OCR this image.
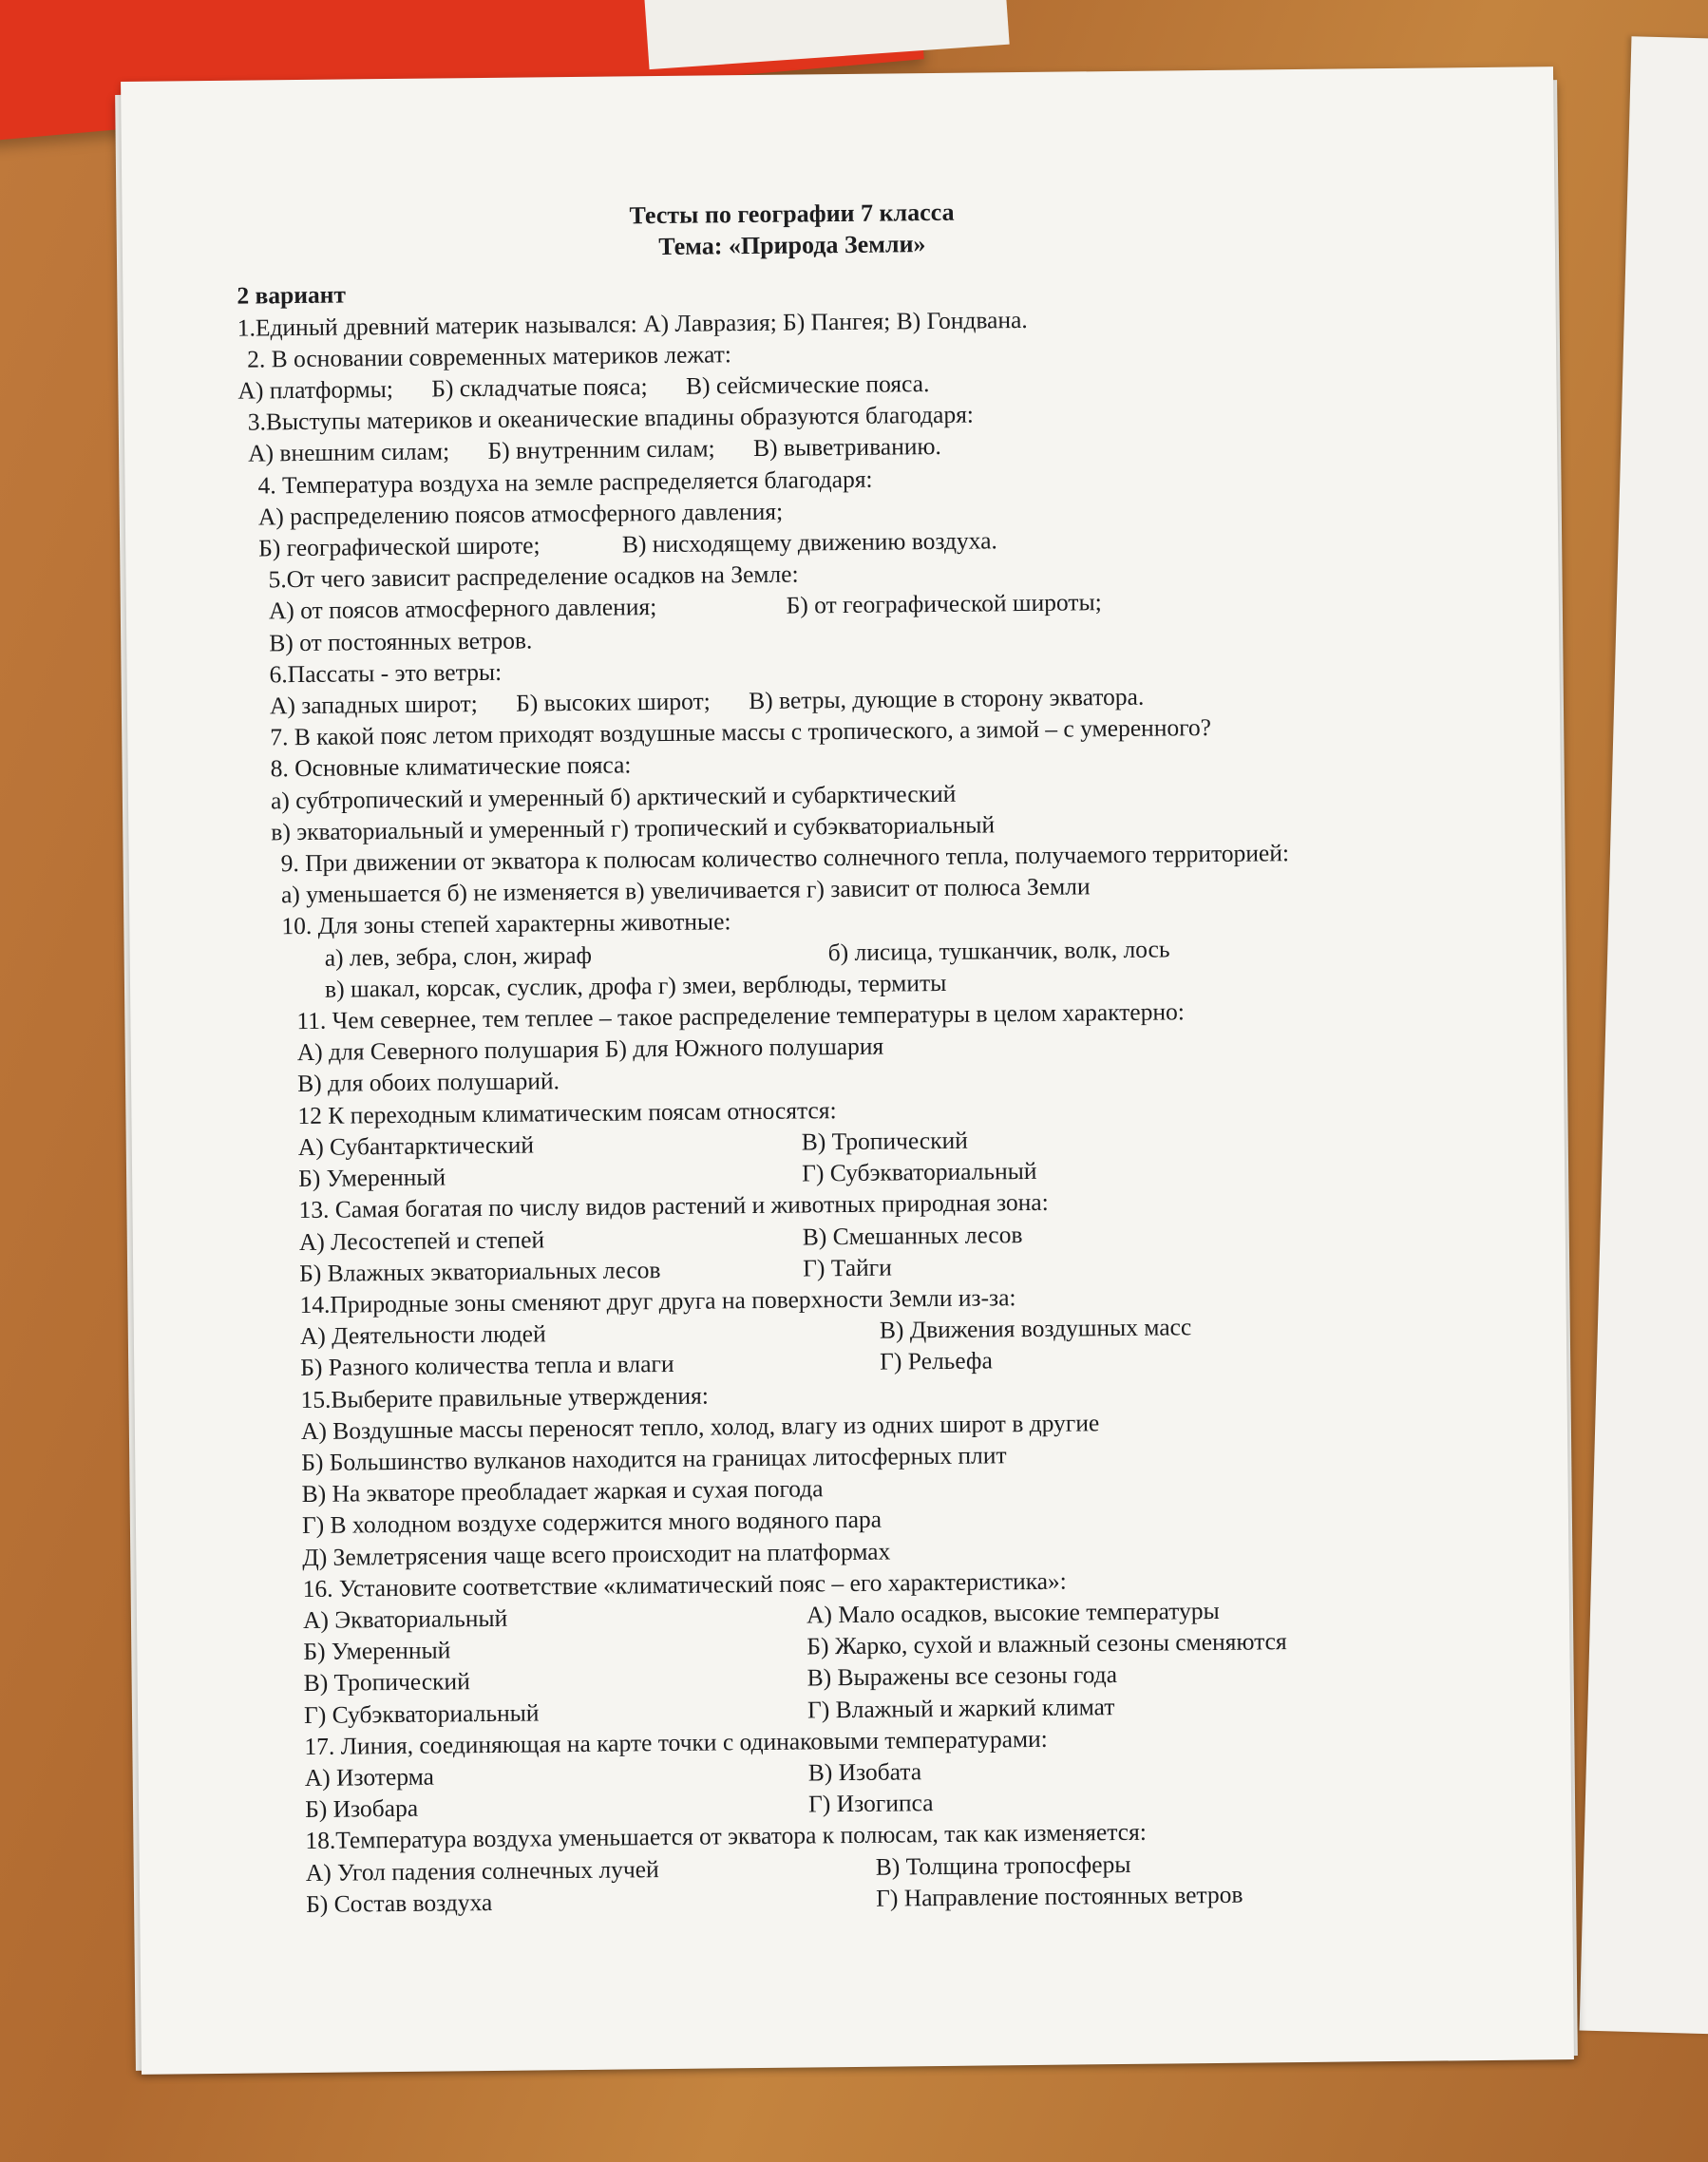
Тесты по географии 7 класса
Тема: «Природа Земли»
2 вариант
1.Единый древний материк назывался: А) Лавразия; Б) Пангея; В) Гондвана.
2. В основании современных материков лежат:
А) платформы; Б) складчатые пояса; В) сейсмические пояса.
3.Выступы материков и океанические впадины образуются благодаря:
А) внешним силам; Б) внутренним силам; В) выветриванию.
4. Температура воздуха на земле распределяется благодаря:
А) распределению поясов атмосферного давления;
Б) географической широте;	В) нисходящему движению воздуха.
5.От чего зависит распределение осадков на Земле:
А) от поясов атмосферного давления;	Б) от географической широты;
В) от постоянных ветров.
6.Пассаты - это ветры:
А) западных широт; Б) высоких широт; В) ветры, дующие в сторону экватора.
7. В какой пояс летом приходят воздушные массы с тропического, а зимой – с умеренного?
8. Основные климатические пояса:
а) субтропический и умеренный б) арктический и субарктический
в) экваториальный и умеренный г) тропический и субэкваториальный
9. При движении от экватора к полюсам количество солнечного тепла, получаемого территорией:
а) уменьшается б) не изменяется в) увеличивается г) зависит от полюса Земли
10. Для зоны степей характерны животные:
а) лев, зебра, слон, жираф	б) лисица, тушканчик, волк, лось
в) шакал, корсак, суслик, дрофа г) змеи, верблюды, термиты
11. Чем севернее, тем теплее – такое распределение температуры в целом характерно:
А) для Северного полушария Б) для Южного полушария
В) для обоих полушарий.
12 К переходным климатическим поясам относятся:
А) Субантарктический	В) Тропический
Б) Умеренный	Г) Субэкваториальный
13. Самая богатая по числу видов растений и животных природная зона:
А) Лесостепей и степей	В) Смешанных лесов
Б) Влажных экваториальных лесов	Г) Тайги
14.Природные зоны сменяют друг друга на поверхности Земли из-за:
А) Деятельности людей	В) Движения воздушных масс
Б) Разного количества тепла и влаги	Г) Рельефа
15.Выберите правильные утверждения:
А) Воздушные массы переносят тепло, холод, влагу из одних широт в другие
Б) Большинство вулканов находится на границах литосферных плит
В) На экваторе преобладает жаркая и сухая погода
Г) В холодном воздухе содержится много водяного пара
Д) Землетрясения чаще всего происходит на платформах
16. Установите соответствие «климатический пояс – его характеристика»:
А) Экваториальный	А) Мало осадков, высокие температуры
Б) Умеренный	Б) Жарко, сухой и влажный сезоны сменяются
В) Тропический	В) Выражены все сезоны года
Г) Субэкваториальный	Г) Влажный и жаркий климат
17. Линия, соединяющая на карте точки с одинаковыми температурами:
А) Изотерма	В) Изобата
Б) Изобара	Г) Изогипса
18.Температура воздуха уменьшается от экватора к полюсам, так как изменяется:
А) Угол падения солнечных лучей	В) Толщина тропосферы
Б) Состав воздуха	Г) Направление постоянных ветров
